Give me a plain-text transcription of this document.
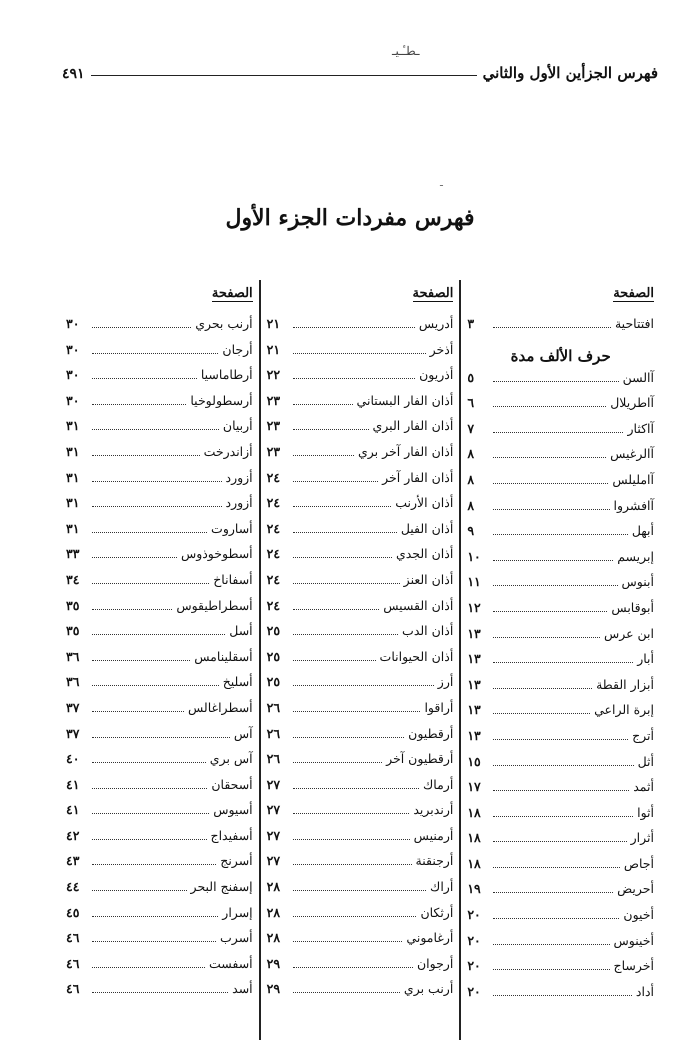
فهرس الجزأين الأول والثاني
٤٩١
ـطـٔـیـ
ـ
فهرس مفردات الجزء الأول
الصفحة
افتتاحية
٣
حرف الألف مدة
آالسن
٥
آاطريلال
٦
آاكثار
٧
آالرغيس
٨
آامليلس
٨
آافشروا
٨
أبهل
٩
إبريسم
١٠
أبنوس
١١
أبوقابس
١٢
ابن عرس
١٣
أبار
١٣
أبزار القطة
١٣
إبرة الراعي
١٣
أترج
١٣
أثل
١٥
أثمد
١٧
أثوا
١٨
أثرار
١٨
أجاص
١٨
أحريض
١٩
أخيون
٢٠
أخينوس
٢٠
أخرساج
٢٠
أداد
٢٠
الصفحة
أدريس
٢١
أذخر
٢١
أذريون
٢٢
أذان الفار البستاني
٢٣
أذان الفار البري
٢٣
أذان الفار آخر بري
٢٣
أذان الفار آخر
٢٤
أذان الأرنب
٢٤
أذان الفيل
٢٤
أذان الجدي
٢٤
أذان العنز
٢٤
أذان القسيس
٢٤
أذان الدب
٢٥
أذان الحيوانات
٢٥
أرز
٢٥
أراقوا
٢٦
أرقطيون
٢٦
أرقطيون آخر
٢٦
أرماك
٢٧
أرندبريد
٢٧
أرمنيس
٢٧
أرجنقنة
٢٧
أراك
٢٨
أرثكان
٢٨
أرغاموني
٢٨
أرجوان
٢٩
أرنب بري
٢٩
الصفحة
أرنب بحري
٣٠
أرجان
٣٠
أرطاماسيا
٣٠
أرسطولوخيا
٣٠
أربيان
٣١
أزاندرخت
٣١
أزورد
٣١
أزورد
٣١
أساروت
٣١
أسطوخوذوس
٣٣
أسفاناخ
٣٤
أسطراطيقوس
٣٥
أسل
٣٥
أسقلينامس
٣٦
أسليخ
٣٦
أسطراغالس
٣٧
آس
٣٧
آس بري
٤٠
أسحقان
٤١
أسيوس
٤١
أسفيداج
٤٢
أسرنج
٤٣
إسفنج البحر
٤٤
إسرار
٤٥
أسرب
٤٦
أسفست
٤٦
أسد
٤٦
